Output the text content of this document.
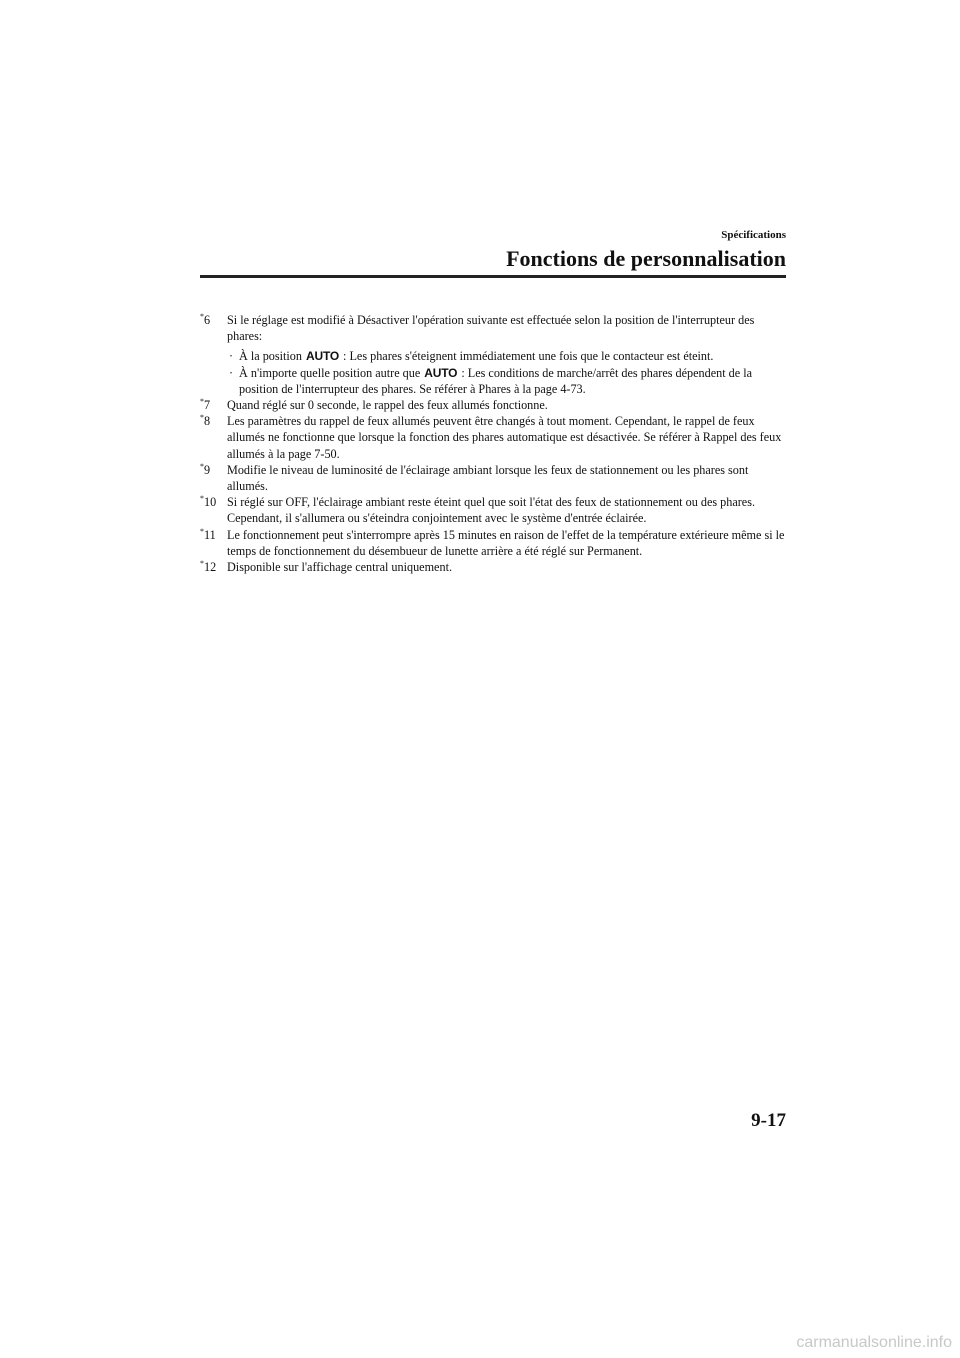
Spécifications
Fonctions de personnalisation
*6 Si le réglage est modifié à Désactiver l'opération suivante est effectuée selon la position de l'interrupteur des phares:
· À la position AUTO : Les phares s'éteignent immédiatement une fois que le contacteur est éteint.
· À n'importe quelle position autre que AUTO : Les conditions de marche/arrêt des phares dépendent de la position de l'interrupteur des phares. Se référer à Phares à la page 4-73.
*7 Quand réglé sur 0 seconde, le rappel des feux allumés fonctionne.
*8 Les paramètres du rappel de feux allumés peuvent être changés à tout moment. Cependant, le rappel de feux allumés ne fonctionne que lorsque la fonction des phares automatique est désactivée. Se référer à Rappel des feux allumés à la page 7-50.
*9 Modifie le niveau de luminosité de l'éclairage ambiant lorsque les feux de stationnement ou les phares sont allumés.
*10 Si réglé sur OFF, l'éclairage ambiant reste éteint quel que soit l'état des feux de stationnement ou des phares. Cependant, il s'allumera ou s'éteindra conjointement avec le système d'entrée éclairée.
*11 Le fonctionnement peut s'interrompre après 15 minutes en raison de l'effet de la température extérieure même si le temps de fonctionnement du désembueur de lunette arrière a été réglé sur Permanent.
*12 Disponible sur l'affichage central uniquement.
9-17
carmanualsonline.info
